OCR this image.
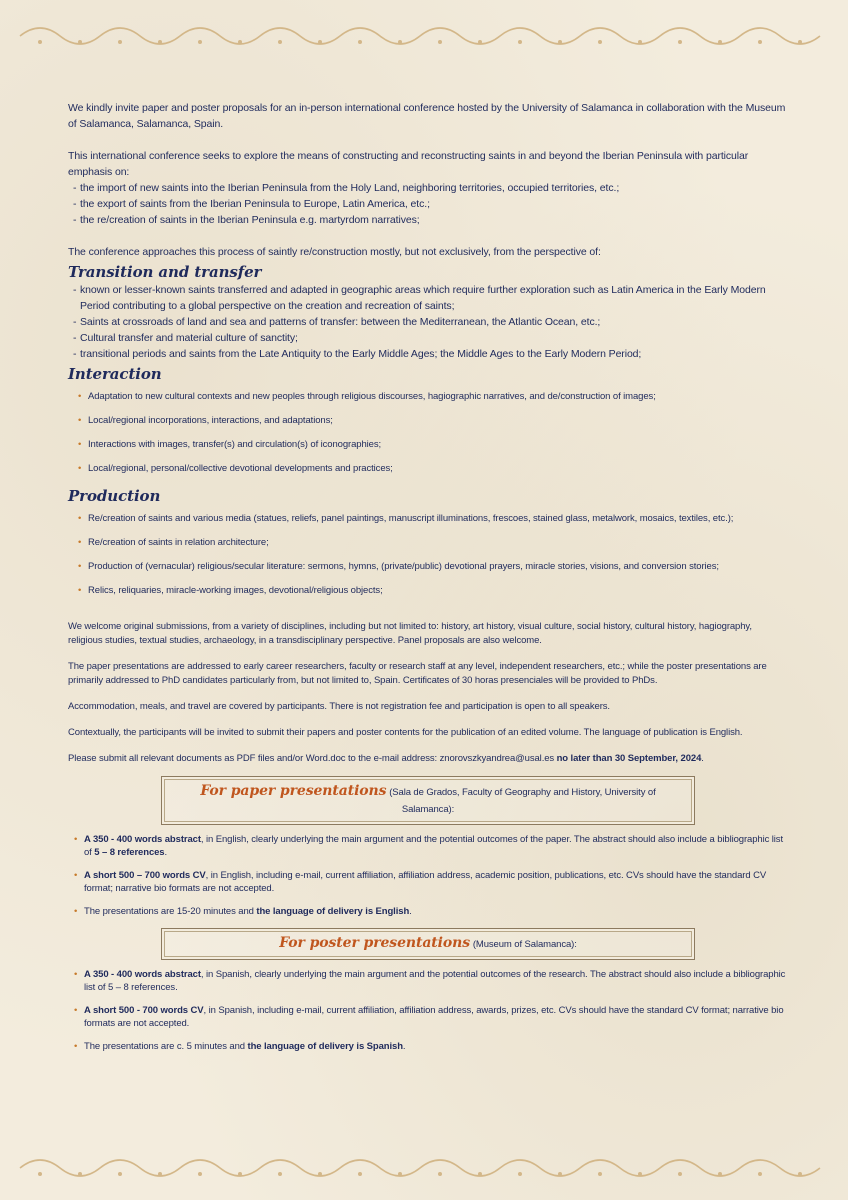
We kindly invite paper and poster proposals for an in-person international conference hosted by the University of Salamanca in collaboration with the Museum of Salamanca, Salamanca, Spain.

This international conference seeks to explore the means of constructing and reconstructing saints in and beyond the Iberian Peninsula with particular emphasis on:

- the import of new saints into the Iberian Peninsula from the Holy Land, neighboring territories, occupied territories, etc.;
- the export of saints from the Iberian Peninsula to Europe, Latin America, etc.;
- the re/creation of saints in the Iberian Peninsula e.g. martyrdom narratives;

The conference approaches this process of saintly re/construction mostly, but not exclusively, from the perspective of:

Transition and transfer
- known or lesser-known saints transferred and adapted in geographic areas which require further exploration such as Latin America in the Early Modern Period contributing to a global perspective on the creation and recreation of saints;
- Saints at crossroads of land and sea and patterns of transfer: between the Mediterranean, the Atlantic Ocean, etc.;
- Cultural transfer and material culture of sanctity;
- transitional periods and saints from the Late Antiquity to the Early Middle Ages; the Middle Ages to the Early Modern Period;
Interaction
• Adaptation to new cultural contexts and new peoples through religious discourses, hagiographic narratives, and de/construction of images;
• Local/regional incorporations, interactions, and adaptations;
• Interactions with images, transfer(s) and circulation(s) of iconographies;
• Local/regional, personal/collective devotional developments and practices;
Production
• Re/creation of saints and various media (statues, reliefs, panel paintings, manuscript illuminations, frescoes, stained glass, metalwork, mosaics, textiles, etc.);
• Re/creation of saints in relation architecture;
• Production of (vernacular) religious/secular literature: sermons, hymns, (private/public) devotional prayers, miracle stories, visions, and conversion stories;
• Relics, reliquaries, miracle-working images, devotional/religious objects;

We welcome original submissions, from a variety of disciplines, including but not limited to: history, art history, visual culture, social history, cultural history, hagiography, religious studies, textual studies, archaeology, in a transdisciplinary perspective. Panel proposals are also welcome.

The paper presentations are addressed to early career researchers, faculty or research staff at any level, independent researchers, etc.; while the poster presentations are primarily addressed to PhD candidates particularly from, but not limited to, Spain. Certificates of 30 horas presenciales will be provided to PhDs.

Accommodation, meals, and travel are covered by participants. There is not registration fee and participation is open to all speakers.

Contextually, the participants will be invited to submit their papers and poster contents for the publication of an edited volume. The language of publication is English.

Please submit all relevant documents as PDF files and/or Word.doc to the e-mail address: znorovszkyandrea@usal.es no later than 30 September, 2024.

For paper presentations (Sala de Grados, Faculty of Geography and History, University of Salamanca):
• A 350 - 400 words abstract, in English, clearly underlying the main argument and the potential outcomes of the paper. The abstract should also include a bibliographic list of 5 – 8 references.
• A short 500 – 700 words CV, in English, including e-mail, current affiliation, affiliation address, academic position, publications, etc. CVs should have the standard CV format; narrative bio formats are not accepted.
• The presentations are 15-20 minutes and the language of delivery is English.
For poster presentations (Museum of Salamanca):
• A 350 - 400 words abstract, in Spanish, clearly underlying the main argument and the potential outcomes of the research. The abstract should also include a bibliographic list of 5 – 8 references.
• A short 500 - 700 words CV, in Spanish, including e-mail, current affiliation, affiliation address, awards, prizes, etc. CVs should have the standard CV format; narrative bio formats are not accepted.
• The presentations are c. 5 minutes and the language of delivery is Spanish.
